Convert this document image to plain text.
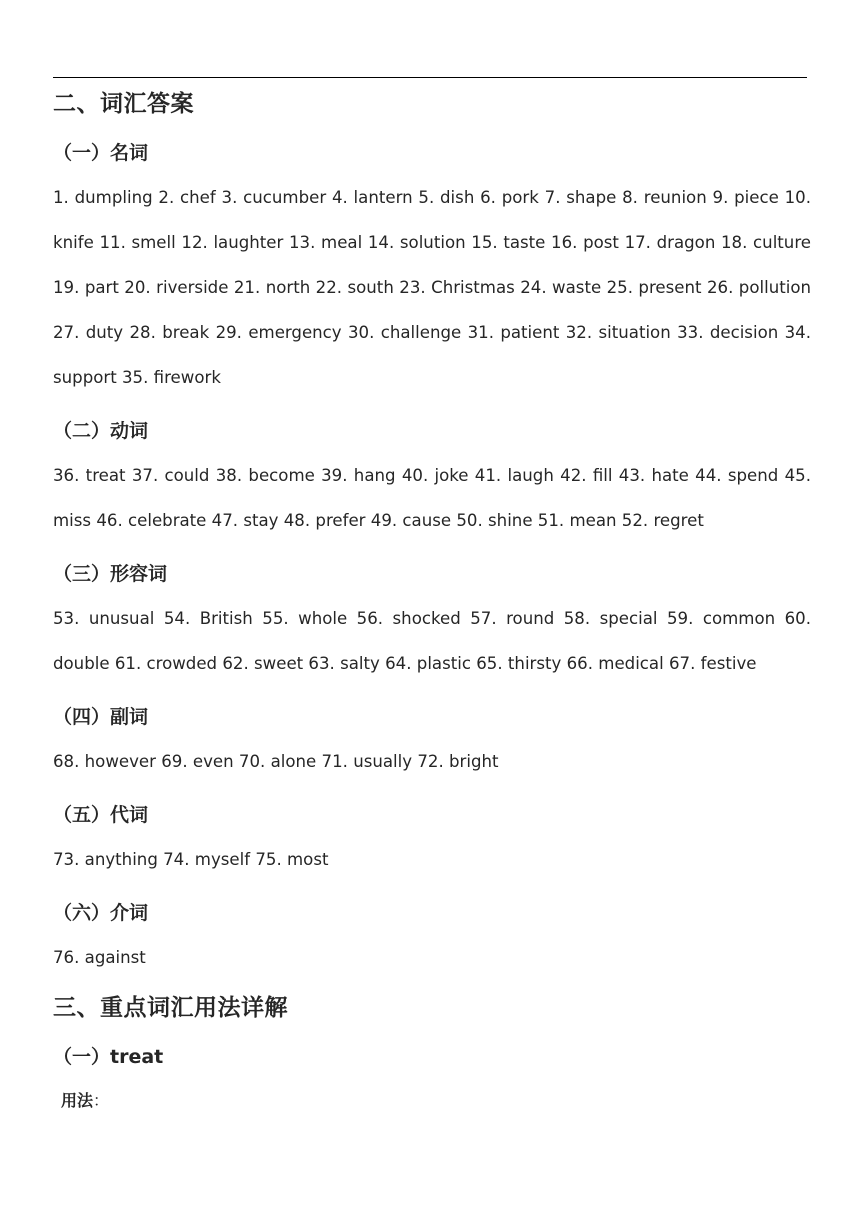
二、词汇答案
（一）名词
1. dumpling 2. chef 3. cucumber 4. lantern 5. dish 6. pork 7. shape 8. reunion 9. piece 10. knife 11. smell 12. laughter 13. meal 14. solution 15. taste 16. post 17. dragon 18. culture 19. part 20. riverside 21. north 22. south 23. Christmas 24. waste 25. present 26. pollution 27. duty 28. break 29. emergency 30. challenge 31. patient 32. situation 33. decision 34. support 35. firework
（二）动词
36. treat 37. could 38. become 39. hang 40. joke 41. laugh 42. fill 43. hate 44. spend 45. miss 46. celebrate 47. stay 48. prefer 49. cause 50. shine 51. mean 52. regret
（三）形容词
53. unusual 54. British 55. whole 56. shocked 57. round 58. special 59. common 60. double 61. crowded 62. sweet 63. salty 64. plastic 65. thirsty 66. medical 67. festive
（四）副词
68. however 69. even 70. alone 71. usually 72. bright
（五）代词
73. anything 74. myself 75. most
（六）介词
76. against
三、重点词汇用法详解
（一）treat
用法：
